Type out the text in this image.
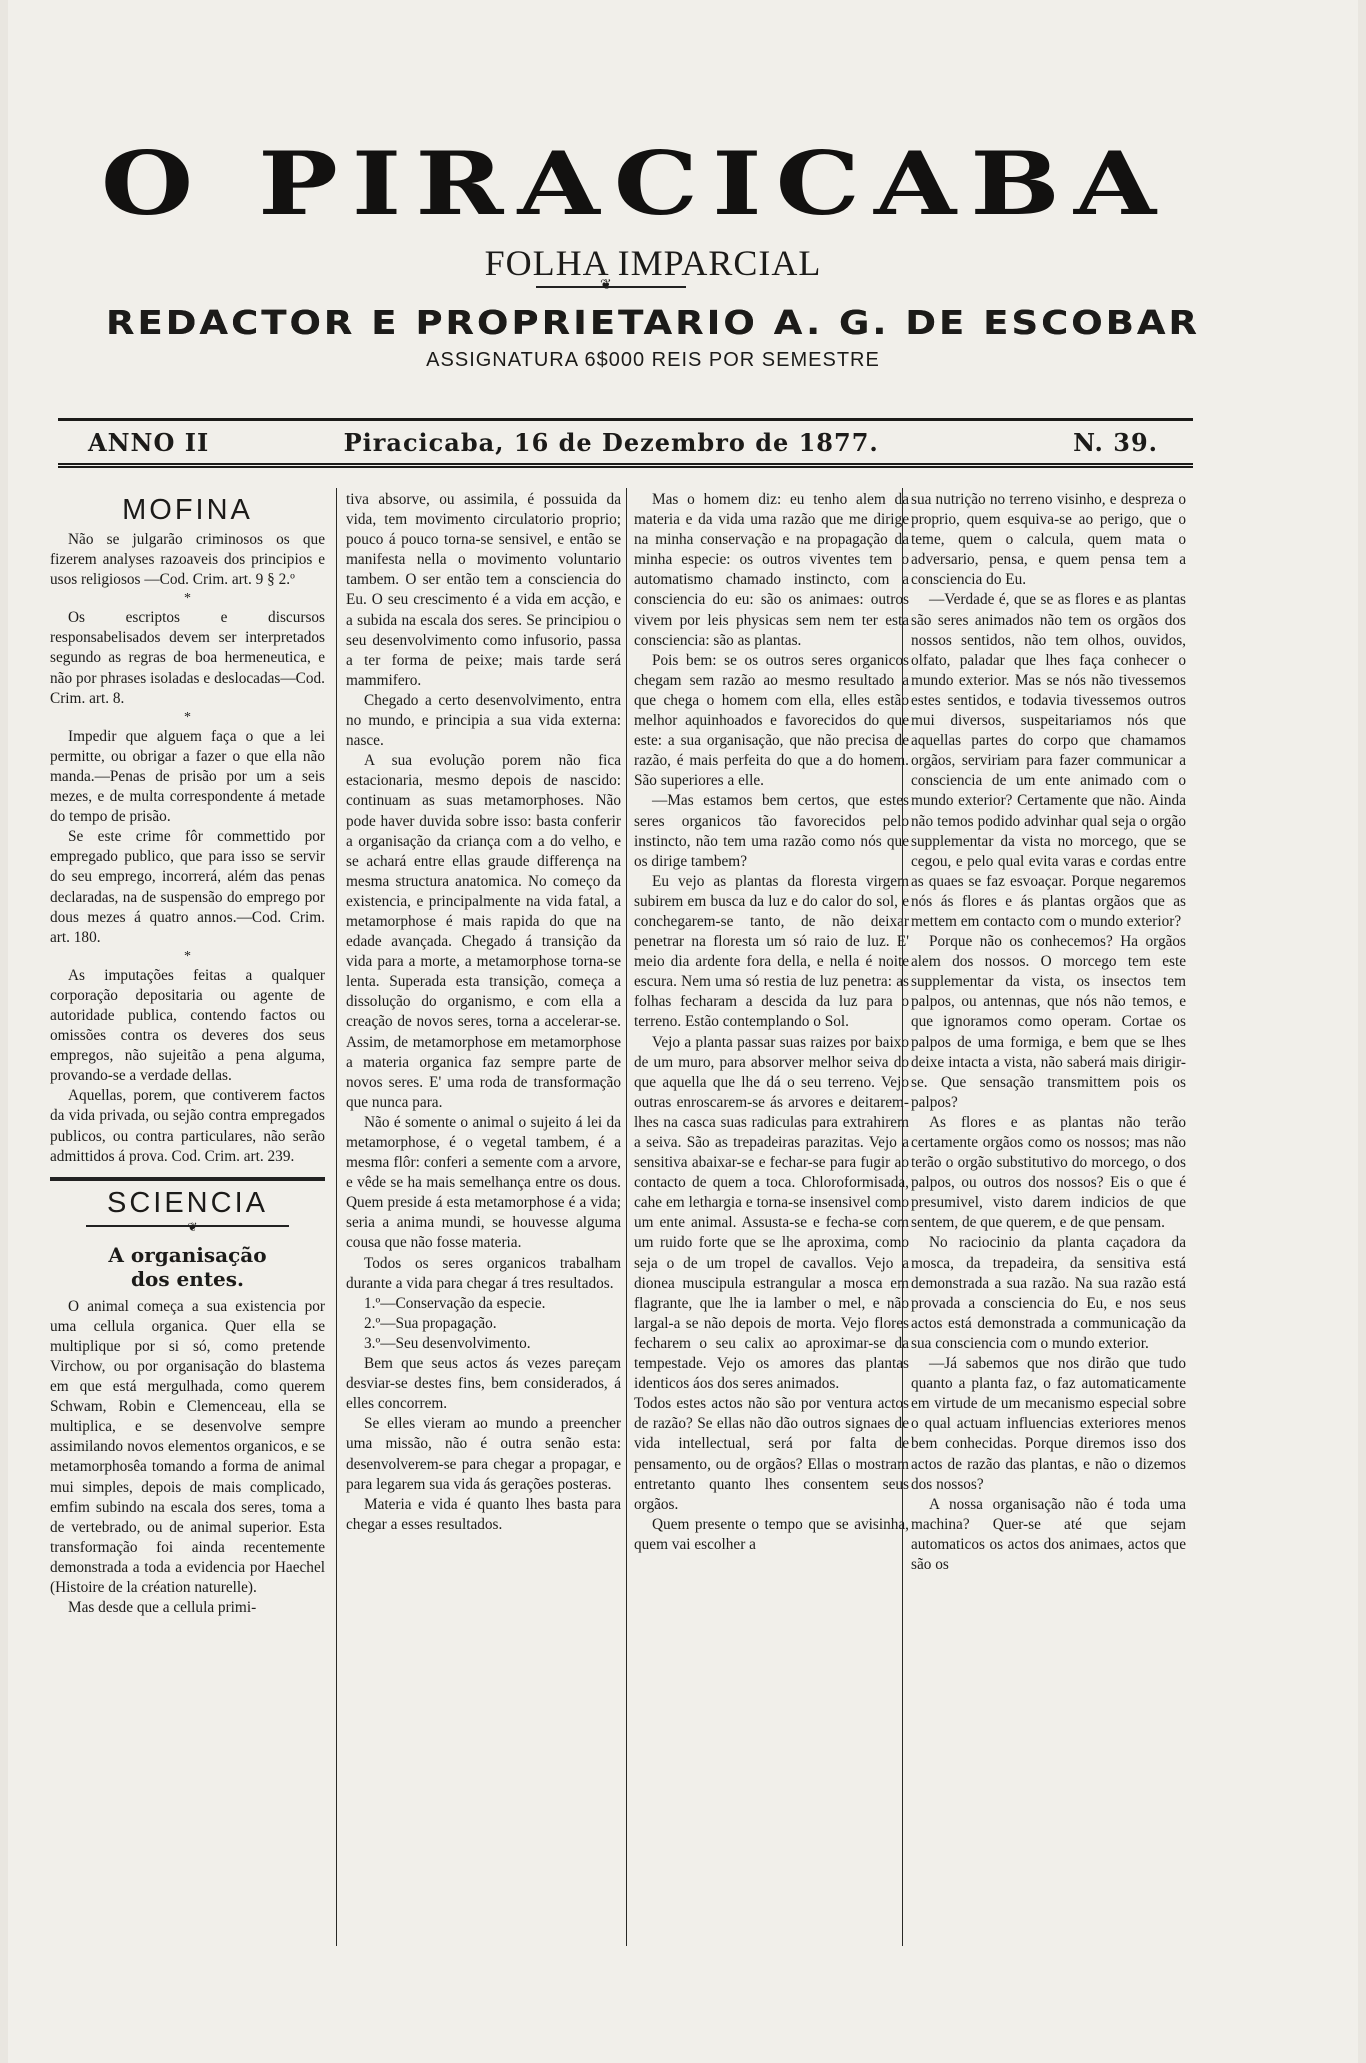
O PIRACICABA
FOLHA IMPARCIAL
❦
REDACTOR E PROPRIETARIO A. G. DE ESCOBAR
ASSIGNATURA 6$000 REIS POR SEMESTRE
ANNO II	Piracicaba, 16 de Dezembro de 1877.	N. 39.
MOFINA

Não se julgarão criminosos os que fizerem analyses razoaveis dos principios e usos religiosos —Cod. Crim. art. 9 § 2.º

*

Os escriptos e discursos responsabelisados devem ser interpretados segundo as regras de boa hermeneutica, e não por phrases isoladas e deslocadas—Cod. Crim. art. 8.

*

Impedir que alguem faça o que a lei permitte, ou obrigar a fazer o que ella não manda.—Penas de prisão por um a seis mezes, e de multa correspondente á metade do tempo de prisão.

Se este crime fôr commettido por empregado publico, que para isso se servir do seu emprego, incorrerá, além das penas declaradas, na de suspensão do emprego por dous mezes á quatro annos.—Cod. Crim. art. 180.

*

As imputações feitas a qualquer corporação depositaria ou agente de autoridade publica, contendo factos ou omissões contra os deveres dos seus empregos, não sujeitão a pena alguma, provando-se a verdade dellas.

Aquellas, porem, que contiverem factos da vida privada, ou sejão contra empregados publicos, ou contra particulares, não serão admittidos á prova. Cod. Crim. art. 239.

SCIENCIA
❦
A organisação
dos entes.

O animal começa a sua existencia por uma cellula organica. Quer ella se multiplique por si só, como pretende Virchow, ou por organisação do blastema em que está mergulhada, como querem Schwam, Robin e Clemenceau, ella se multiplica, e se desenvolve sempre assimilando novos elementos organicos, e se metamorphosêa tomando a forma de animal mui simples, depois de mais complicado, emfim subindo na escala dos seres, toma a de vertebrado, ou de animal superior. Esta transformação foi ainda recentemente demonstrada a toda a evidencia por Haechel (Histoire de la création naturelle).

Mas desde que a cellula primi-

tiva absorve, ou assimila, é possuida da vida, tem movimento circulatorio proprio; pouco á pouco torna-se sensivel, e então se manifesta nella o movimento voluntario tambem. O ser então tem a consciencia do Eu. O seu crescimento é a vida em acção, e a subida na escala dos seres. Se principiou o seu desenvolvimento como infusorio, passa a ter forma de peixe; mais tarde será mammifero.

Chegado a certo desenvolvimento, entra no mundo, e principia a sua vida externa: nasce.

A sua evolução porem não fica estacionaria, mesmo depois de nascido: continuam as suas metamorphoses. Não pode haver duvida sobre isso: basta conferir a organisação da criança com a do velho, e se achará entre ellas graude differença na mesma structura anatomica. No começo da existencia, e principalmente na vida fatal, a metamorphose é mais rapida do que na edade avançada. Chegado á transição da vida para a morte, a metamorphose torna-se lenta. Superada esta transição, começa a dissolução do organismo, e com ella a creação de novos seres, torna a accelerar-se. Assim, de metamorphose em metamorphose a materia organica faz sempre parte de novos seres. E' uma roda de transformação que nunca para.

Não é somente o animal o sujeito á lei da metamorphose, é o vegetal tambem, é a mesma flôr: conferi a semente com a arvore, e vêde se ha mais semelhança entre os dous. Quem preside á esta metamorphose é a vida; seria a anima mundi, se houvesse alguma cousa que não fosse materia.

Todos os seres organicos trabalham durante a vida para chegar á tres resultados.

1.º—Conservação da especie.

2.º—Sua propagação.

3.º—Seu desenvolvimento.

Bem que seus actos ás vezes pareçam desviar-se destes fins, bem considerados, á elles concorrem.

Se elles vieram ao mundo a preencher uma missão, não é outra senão esta: desenvolverem-se para chegar a propagar, e para legarem sua vida ás gerações posteras.

Materia e vida é quanto lhes basta para chegar a esses resultados.

Mas o homem diz: eu tenho alem da materia e da vida uma razão que me dirige na minha conservação e na propagação da minha especie: os outros viventes tem o automatismo chamado instincto, com a consciencia do eu: são os animaes: outros vivem por leis physicas sem nem ter esta consciencia: são as plantas.

Pois bem: se os outros seres organicos chegam sem razão ao mesmo resultado a que chega o homem com ella, elles estão melhor aquinhoados e favorecidos do que este: a sua organisação, que não precisa de razão, é mais perfeita do que a do homem. São superiores a elle.

—Mas estamos bem certos, que estes seres organicos tão favorecidos pelo instincto, não tem uma razão como nós que os dirige tambem?

Eu vejo as plantas da floresta virgem subirem em busca da luz e do calor do sol, e conchegarem-se tanto, de não deixar penetrar na floresta um só raio de luz. E' meio dia ardente fora della, e nella é noite escura. Nem uma só restia de luz penetra: as folhas fecharam a descida da luz para o terreno. Estão contemplando o Sol.

Vejo a planta passar suas raizes por baixo de um muro, para absorver melhor seiva do que aquella que lhe dá o seu terreno. Vejo outras enroscarem-se ás arvores e deitarem-lhes na casca suas radiculas para extrahirem a seiva. São as trepadeiras parazitas. Vejo a sensitiva abaixar-se e fechar-se para fugir ao contacto de quem a toca. Chloroformisada, cahe em lethargia e torna-se insensivel como um ente animal. Assusta-se e fecha-se com um ruido forte que se lhe aproxima, como seja o de um tropel de cavallos. Vejo a dionea muscipula estrangular a mosca em flagrante, que lhe ia lamber o mel, e não largal-a se não depois de morta. Vejo flores fecharem o seu calix ao aproximar-se da tempestade. Vejo os amores das plantas identicos áos dos seres animados.

Todos estes actos não são por ventura actos de razão? Se ellas não dão outros signaes de vida intellectual, será por falta de pensamento, ou de orgãos? Ellas o mostram entretanto quanto lhes consentem seus orgãos.

Quem presente o tempo que se avisinha, quem vai escolher a

sua nutrição no terreno visinho, e despreza o proprio, quem esquiva-se ao perigo, que o teme, quem o calcula, quem mata o adversario, pensa, e quem pensa tem a consciencia do Eu.

—Verdade é, que se as flores e as plantas são seres animados não tem os orgãos dos nossos sentidos, não tem olhos, ouvidos, olfato, paladar que lhes faça conhecer o mundo exterior. Mas se nós não tivessemos estes sentidos, e todavia tivessemos outros mui diversos, suspeitariamos nós que aquellas partes do corpo que chamamos orgãos, serviriam para fazer communicar a consciencia de um ente animado com o mundo exterior? Certamente que não. Ainda não temos podido advinhar qual seja o orgão supplementar da vista no morcego, que se cegou, e pelo qual evita varas e cordas entre as quaes se faz esvoaçar. Porque negaremos nós ás flores e ás plantas orgãos que as mettem em contacto com o mundo exterior?

Porque não os conhecemos? Ha orgãos alem dos nossos. O morcego tem este supplementar da vista, os insectos tem palpos, ou antennas, que nós não temos, e que ignoramos como operam. Cortae os palpos de uma formiga, e bem que se lhes deixe intacta a vista, não saberá mais dirigir-se. Que sensação transmittem pois os palpos?

As flores e as plantas não terão certamente orgãos como os nossos; mas não terão o orgão substitutivo do morcego, o dos palpos, ou outros dos nossos? Eis o que é presumivel, visto darem indicios de que sentem, de que querem, e de que pensam.

No raciocinio da planta caçadora da mosca, da trepadeira, da sensitiva está demonstrada a sua razão. Na sua razão está provada a consciencia do Eu, e nos seus actos está demonstrada a communicação da sua consciencia com o mundo exterior.

—Já sabemos que nos dirão que tudo quanto a planta faz, o faz automaticamente em virtude de um mecanismo especial sobre o qual actuam influencias exteriores menos bem conhecidas. Porque diremos isso dos actos de razão das plantas, e não o dizemos dos nossos?

A nossa organisação não é toda uma machina? Quer-se até que sejam automaticos os actos dos animaes, actos que são os
